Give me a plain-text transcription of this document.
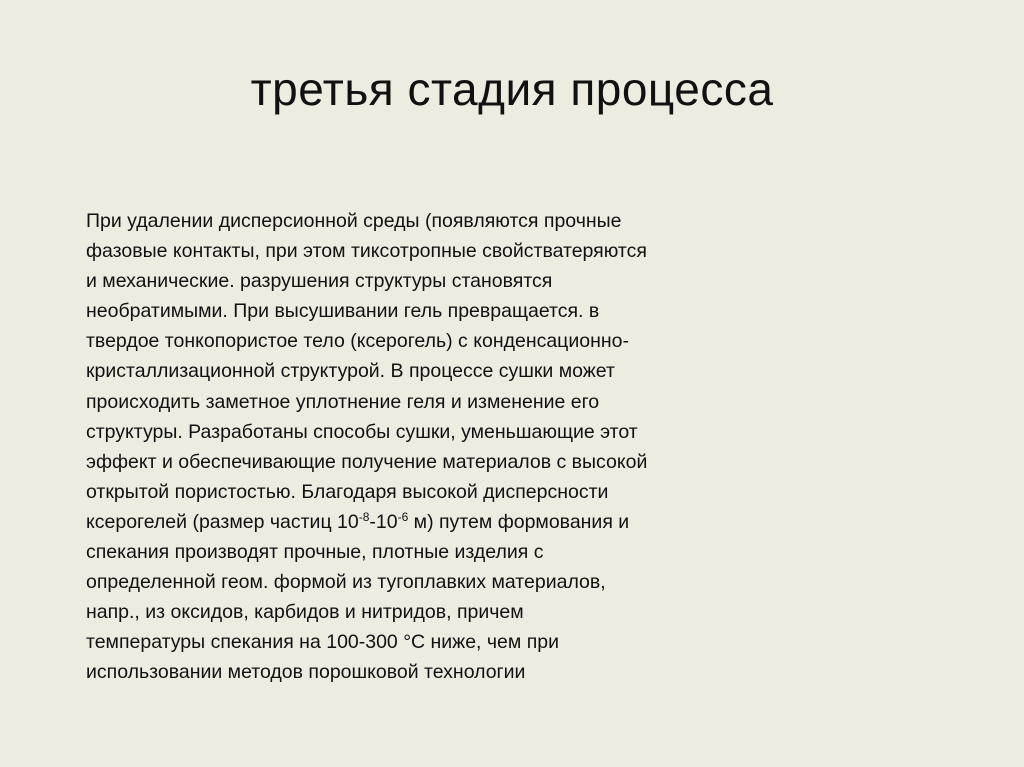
третья стадия процесса
При удалении дисперсионной среды (появляются прочные
фазовые контакты, при этом тиксотропные свойстватеряются
и механические. разрушения структуры становятся
необратимыми. При высушивании гель превращается. в
твердое тонкопористое тело (ксерогель) с конденсационно-
кристаллизационной структурой. В процессе сушки может
происходить заметное уплотнение геля и изменение его
структуры. Разработаны способы сушки, уменьшающие этот
эффект и обеспечивающие получение материалов с высокой
открытой пористостью. Благодаря высокой дисперсности
ксерогелей (размер частиц $10^{-8}-10^{-6}$ м) путем формования и
спекания производят прочные, плотные изделия с
определенной геом. формой из тугоплавких материалов,
напр., из оксидов, карбидов и нитридов, причем
температуры спекания на 100-300 °С ниже, чем при
использовании методов порошковой технологии
